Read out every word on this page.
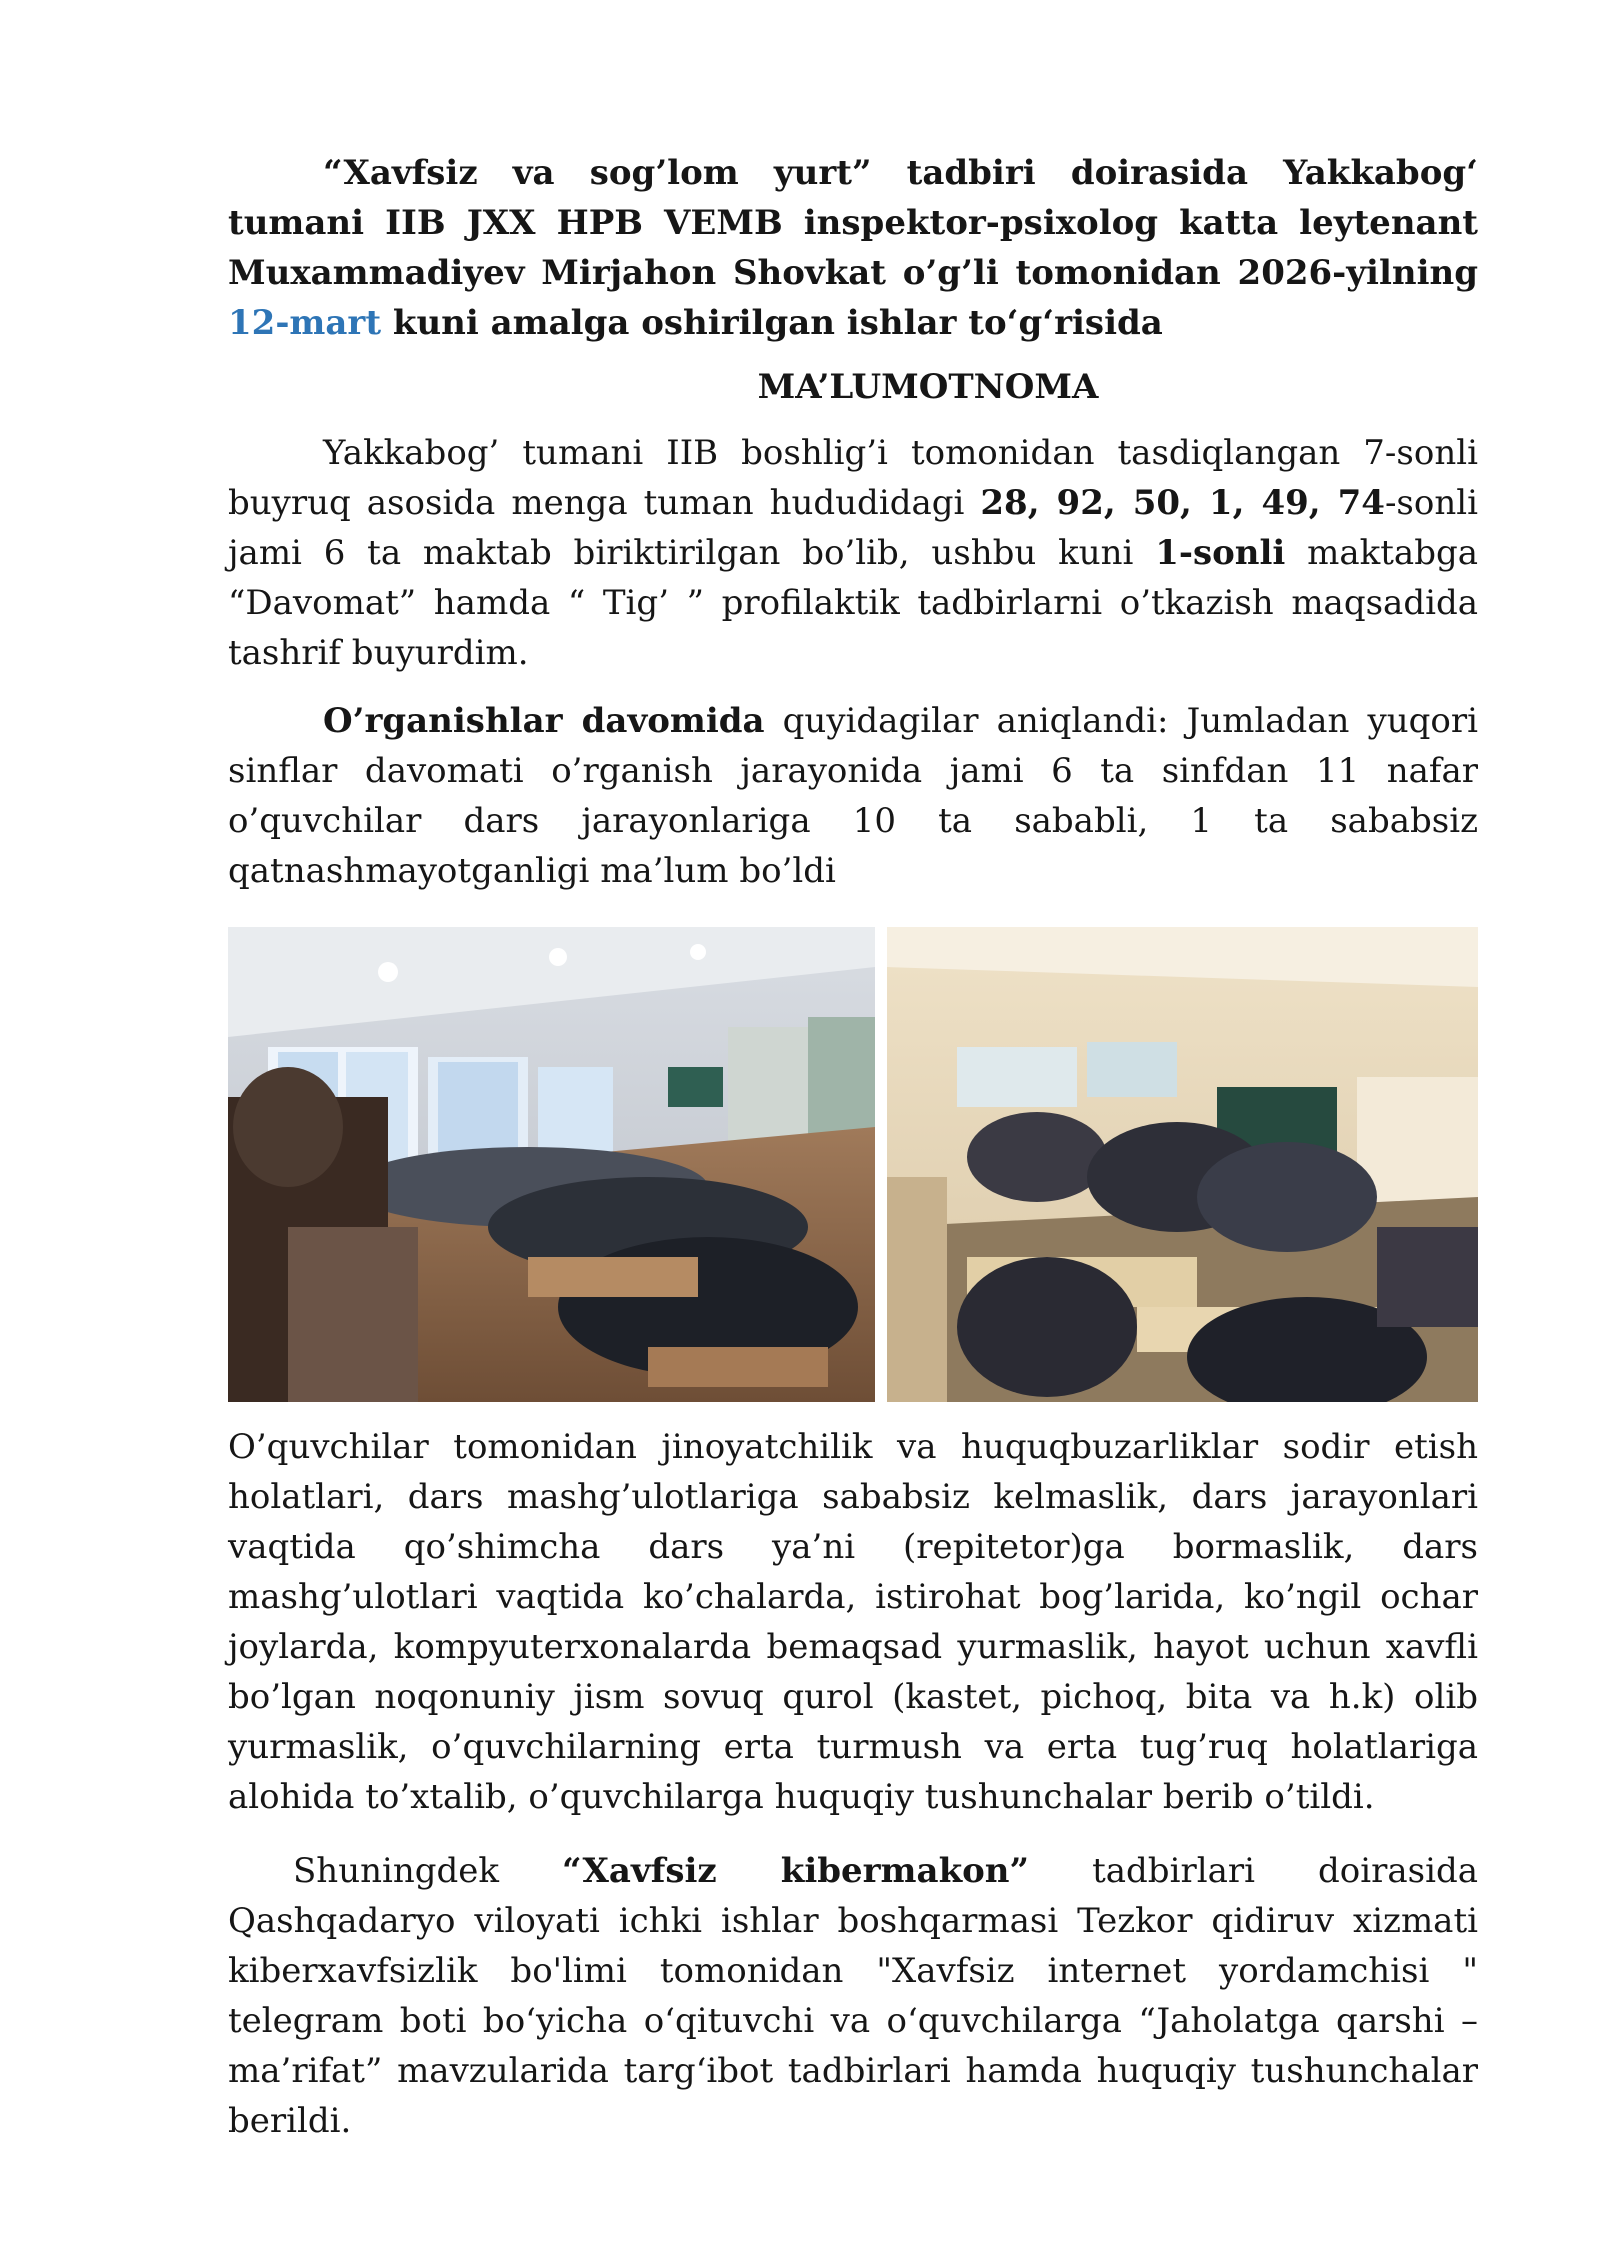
“Xavfsiz va sog’lom yurt” tadbiri doirasida Yakkabog‘ tumani IIB JXX HPB VEMB inspektor-psixolog katta leytenant Muxammadiyev Mirjahon Shovkat o’g’li tomonidan 2026-yilning 12-mart kuni amalga oshirilgan ishlar to‘g‘risida

MA’LUMOTNOMA

Yakkabog’ tumani IIB boshlig’i tomonidan tasdiqlangan 7-sonli buyruq asosida menga tuman hududidagi 28, 92, 50, 1, 49, 74-sonli jami 6 ta maktab biriktirilgan bo’lib, ushbu kuni 1-sonli maktabga “Davomat” hamda “ Tig’ ” profilaktik tadbirlarni o’tkazish maqsadida tashrif buyurdim.

O’rganishlar davomida quyidagilar aniqlandi: Jumladan yuqori sinflar davomati o’rganish jarayonida jami 6 ta sinfdan 11 nafar o’quvchilar dars jarayonlariga 10 ta sababli, 1 ta sababsiz qatnashmayotganligi ma’lum bo’ldi

O’quvchilar tomonidan jinoyatchilik va huquqbuzarliklar sodir etish holatlari, dars mashg’ulotlariga sababsiz kelmaslik, dars jarayonlari vaqtida qo’shimcha dars ya’ni (repitetor)ga bormaslik, dars mashg’ulotlari vaqtida ko’chalarda, istirohat bog’larida, ko’ngil ochar joylarda, kompyuterxonalarda bemaqsad yurmaslik, hayot uchun xavfli bo’lgan noqonuniy jism sovuq qurol (kastet, pichoq, bita va h.k) olib yurmaslik, o’quvchilarning erta turmush va erta tug’ruq holatlariga alohida to’xtalib, o’quvchilarga huquqiy tushunchalar berib o’tildi.

Shuningdek “Xavfsiz kibermakon” tadbirlari doirasida Qashqadaryo viloyati ichki ishlar boshqarmasi Tezkor qidiruv xizmati kiberxavfsizlik bo'limi tomonidan "Xavfsiz internet yordamchisi " telegram boti bo‘yicha o‘qituvchi va o‘quvchilarga “Jaholatga qarshi – ma’rifat” mavzularida targ‘ibot tadbirlari hamda huquqiy tushunchalar berildi.
